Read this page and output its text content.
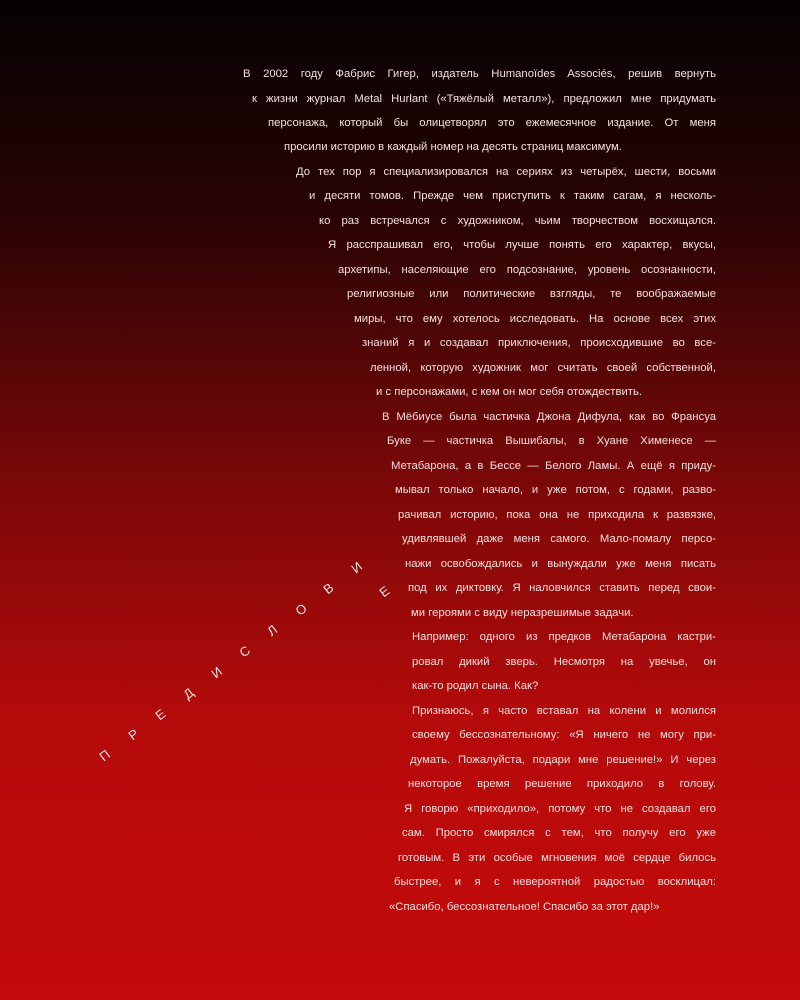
П
Р
Е
Д
И
С
Л
О
В
И
Е

В 2002 году Фабрис Гигер, издатель Humanoïdes Associés, решив вернуть

к жизни журнал Metal Hurlant («Тяжёлый металл»), предложил мне придумать

персонажа, который бы олицетворял это ежемесячное издание. От меня

просили историю в каждый номер на десять страниц максимум.

До тех пор я специализировался на сериях из четырёх, шести, восьми

и десяти томов. Прежде чем приступить к таким сагам, я несколь-

ко раз встречался с художником, чьим творчеством восхищался.

Я расспрашивал его, чтобы лучше понять его характер, вкусы,

архетипы, населяющие его подсознание, уровень осознанности,

религиозные или политические взгляды, те воображаемые

миры, что ему хотелось исследовать. На основе всех этих

знаний я и создавал приключения, происходившие во все-

ленной, которую художник мог считать своей собственной,

и с персонажами, с кем он мог себя отождествить.

В Мёбиусе была частичка Джона Дифула, как во Франсуа

Буке — частичка Вышибалы, в Хуане Хименесе —

Метабарона, а в Бессе — Белого Ламы. А ещё я приду-

мывал только начало, и уже потом, с годами, разво-

рачивал историю, пока она не приходила к развязке,

удивлявшей даже меня самого. Мало-помалу персо-

нажи освобождались и вынуждали уже меня писать

под их диктовку. Я наловчился ставить перед свои-

ми героями с виду неразрешимые задачи.

Например: одного из предков Метабарона кастри-

ровал дикий зверь. Несмотря на увечье, он

как-то родил сына. Как?

Признаюсь, я часто вставал на колени и молился

своему бессознательному: «Я ничего не могу при-

думать. Пожалуйста, подари мне решение!» И через

некоторое время решение приходило в голову.

Я говорю «приходило», потому что не создавал его

сам. Просто смирялся с тем, что получу его уже

готовым. В эти особые мгновения моё сердце билось

быстрее, и я с невероятной радостью восклицал:

«Спасибо, бессознательное! Спасибо за этот дар!»
